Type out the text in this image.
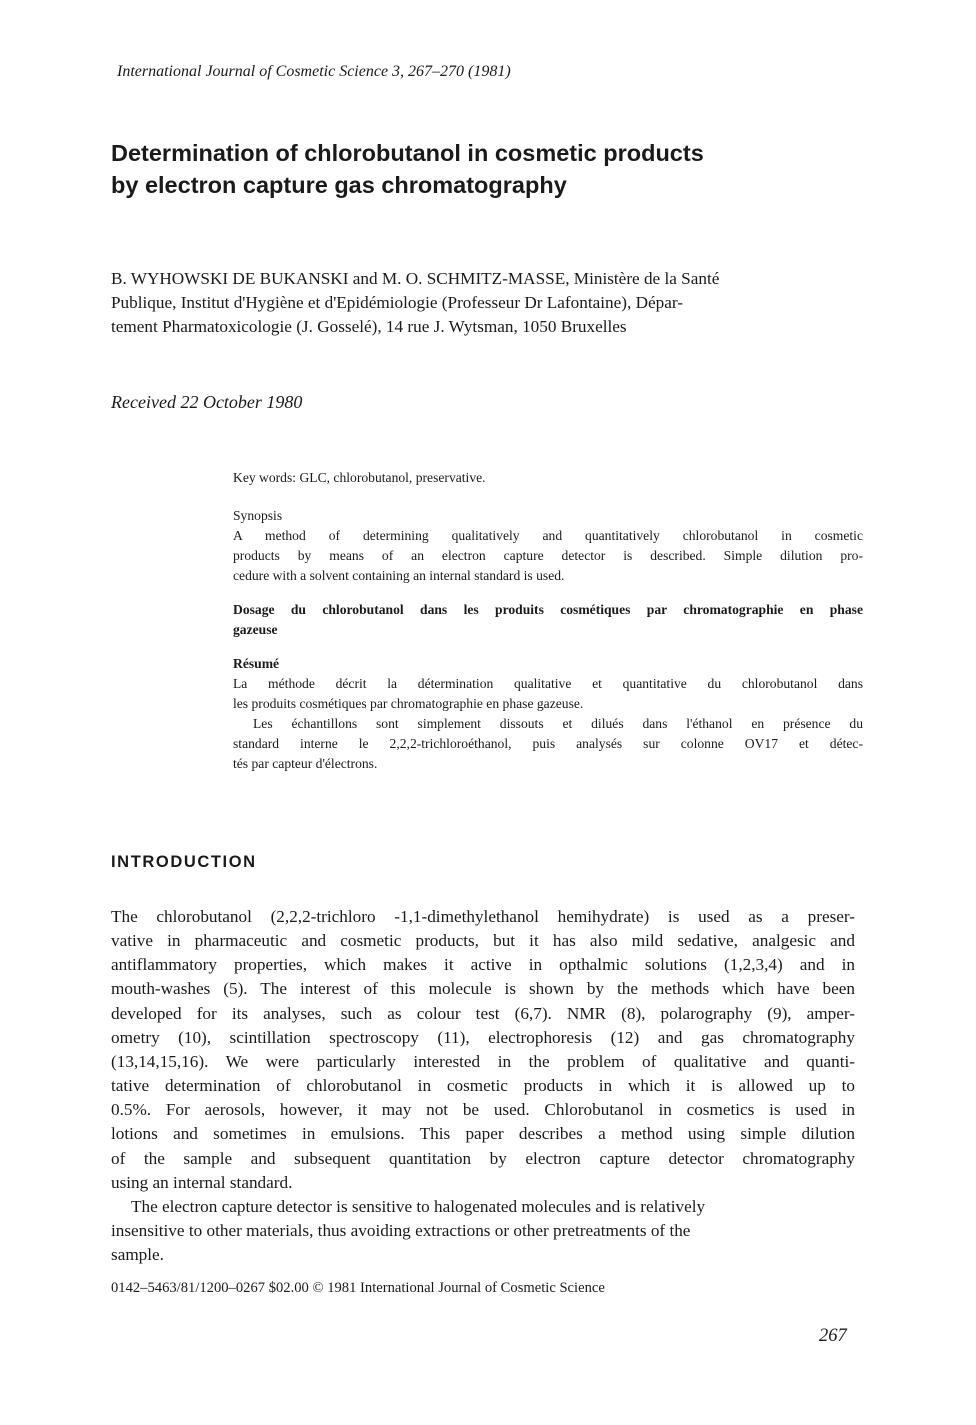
International Journal of Cosmetic Science 3, 267–270 (1981)
Determination of chlorobutanol in cosmetic products
by electron capture gas chromatography
B. WYHOWSKI DE BUKANSKI and M. O. SCHMITZ-MASSE, Ministère de la Santé
Publique, Institut d'Hygiène et d'Epidémiologie (Professeur Dr Lafontaine), Dépar-
tement Pharmatoxicologie (J. Gosselé), 14 rue J. Wytsman, 1050 Bruxelles
Received 22 October 1980
Key words: GLC, chlorobutanol, preservative.
Synopsis
A method of determining qualitatively and quantitatively chlorobutanol in cosmetic
products by means of an electron capture detector is described. Simple dilution pro-
cedure with a solvent containing an internal standard is used.
Dosage du chlorobutanol dans les produits cosmétiques par chromatographie en phase
gazeuse
Résumé
La méthode décrit la détermination qualitative et quantitative du chlorobutanol dans
les produits cosmétiques par chromatographie en phase gazeuse.
Les échantillons sont simplement dissouts et dilués dans l'éthanol en présence du
standard interne le 2,2,2-trichloroéthanol, puis analysés sur colonne OV17 et détec-
tés par capteur d'électrons.
INTRODUCTION
The chlorobutanol (2,2,2-trichloro -1,1-dimethylethanol hemihydrate) is used as a preser-
vative in pharmaceutic and cosmetic products, but it has also mild sedative, analgesic and
antiflammatory properties, which makes it active in opthalmic solutions (1,2,3,4) and in
mouth-washes (5). The interest of this molecule is shown by the methods which have been
developed for its analyses, such as colour test (6,7). NMR (8), polarography (9), amper-
ometry (10), scintillation spectroscopy (11), electrophoresis (12) and gas chromatography
(13,14,15,16). We were particularly interested in the problem of qualitative and quanti-
tative determination of chlorobutanol in cosmetic products in which it is allowed up to
0.5%. For aerosols, however, it may not be used. Chlorobutanol in cosmetics is used in
lotions and sometimes in emulsions. This paper describes a method using simple dilution
of the sample and subsequent quantitation by electron capture detector chromatography
using an internal standard.
The electron capture detector is sensitive to halogenated molecules and is relatively
insensitive to other materials, thus avoiding extractions or other pretreatments of the
sample.
0142–5463/81/1200–0267 $02.00 © 1981 International Journal of Cosmetic Science
267
